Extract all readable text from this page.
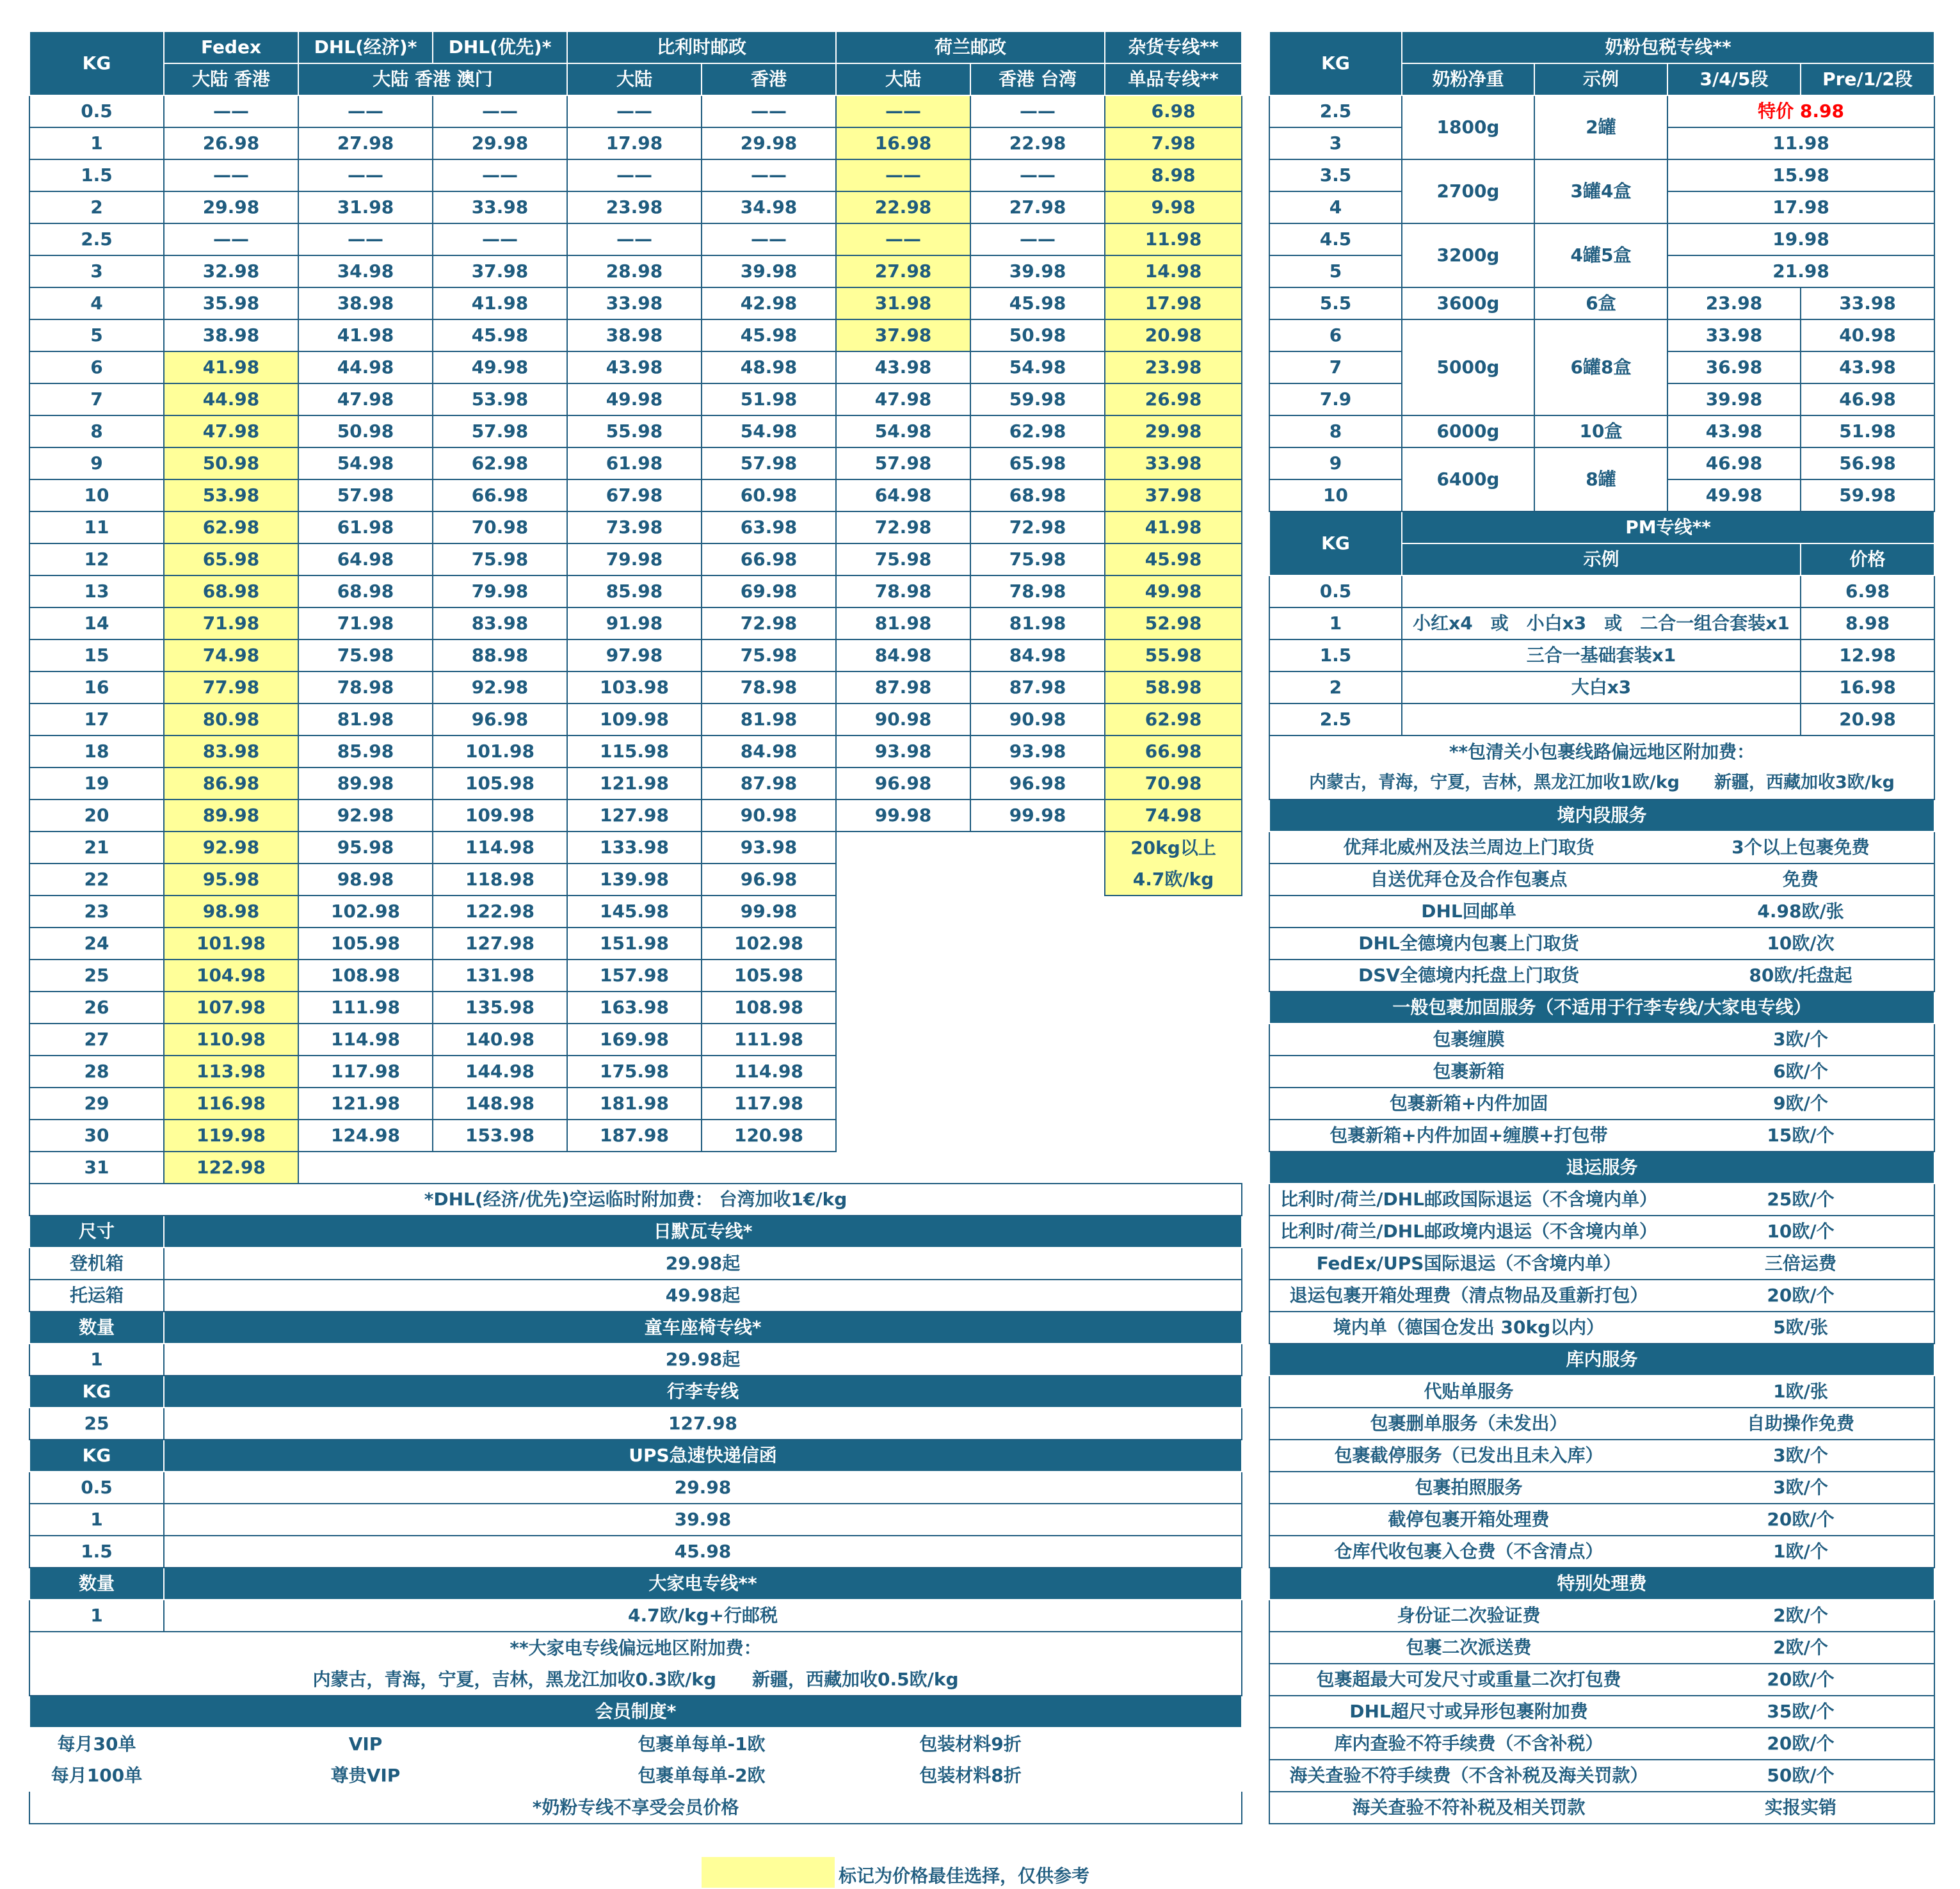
KG	Fedex	DHL(经济)*	DHL(优先)*	比利时邮政		荷兰邮政		杂货专线**
	大陆 香港	大陆 香港 澳门		大陆	香港	大陆	香港 台湾	单品专线**
0.5	——	——	——	——	——	——	——	6.98
1	26.98	27.98	29.98	17.98	29.98	16.98	22.98	7.98
1.5	——	——	——	——	——	——	——	8.98
2	29.98	31.98	33.98	23.98	34.98	22.98	27.98	9.98
2.5	——	——	——	——	——	——	——	11.98
3	32.98	34.98	37.98	28.98	39.98	27.98	39.98	14.98
4	35.98	38.98	41.98	33.98	42.98	31.98	45.98	17.98
5	38.98	41.98	45.98	38.98	45.98	37.98	50.98	20.98
6	41.98	44.98	49.98	43.98	48.98	43.98	54.98	23.98
7	44.98	47.98	53.98	49.98	51.98	47.98	59.98	26.98
8	47.98	50.98	57.98	55.98	54.98	54.98	62.98	29.98
9	50.98	54.98	62.98	61.98	57.98	57.98	65.98	33.98
10	53.98	57.98	66.98	67.98	60.98	64.98	68.98	37.98
11	62.98	61.98	70.98	73.98	63.98	72.98	72.98	41.98
12	65.98	64.98	75.98	79.98	66.98	75.98	75.98	45.98
13	68.98	68.98	79.98	85.98	69.98	78.98	78.98	49.98
14	71.98	71.98	83.98	91.98	72.98	81.98	81.98	52.98
15	74.98	75.98	88.98	97.98	75.98	84.98	84.98	55.98
16	77.98	78.98	92.98	103.98	78.98	87.98	87.98	58.98
17	80.98	81.98	96.98	109.98	81.98	90.98	90.98	62.98
18	83.98	85.98	101.98	115.98	84.98	93.98	93.98	66.98
19	86.98	89.98	105.98	121.98	87.98	96.98	96.98	70.98
20	89.98	92.98	109.98	127.98	90.98	99.98	99.98	74.98
21	92.98	95.98	114.98	133.98	93.98			20kg以上
22	95.98	98.98	118.98	139.98	96.98			4.7欧/kg
23	98.98	102.98	122.98	145.98	99.98			
24	101.98	105.98	127.98	151.98	102.98			
25	104.98	108.98	131.98	157.98	105.98			
26	107.98	111.98	135.98	163.98	108.98			
27	110.98	114.98	140.98	169.98	111.98			
28	113.98	117.98	144.98	175.98	114.98			
29	116.98	121.98	148.98	181.98	117.98			
30	119.98	124.98	153.98	187.98	120.98			
31	122.98							
*DHL(经济/优先)空运临时附加费： 台湾加收1€/kg								
尺寸	日默瓦专线*							
登机箱	29.98起							
托运箱	49.98起							
数量	童车座椅专线*							
1	29.98起							
KG	行李专线							
25	127.98							
KG	UPS急速快递信函							
0.5	29.98							
1	39.98							
1.5	45.98							
数量	大家电专线**							
1	4.7欧/kg+行邮税							
**大家电专线偏远地区附加费：								
内蒙古，青海，宁夏，吉林，黑龙江加收0.3欧/kg　　新疆，西藏加收0.5欧/kg								
会员制度*								
每月30单	VIP			包裹单每单-1欧		包装材料9折		
每月100单	尊贵VIP			包裹单每单-2欧		包装材料8折		
*奶粉专线不享受会员价格								
KG	奶粉包税专线**			
	奶粉净重	示例	3/4/5段	Pre/1/2段
2.5	1800g	2罐	特价 8.98	
3			11.98	
3.5	2700g	3罐4盒	15.98	
4			17.98	
4.5	3200g	4罐5盒	19.98	
5			21.98	
5.5	3600g	6盒	23.98	33.98
6	5000g	6罐8盒	33.98	40.98
7			36.98	43.98
7.9			39.98	46.98
8	6000g	10盒	43.98	51.98
9	6400g	8罐	46.98	56.98
10			49.98	59.98
KG	PM专线**			
	示例			价格
0.5				6.98
1	小红x4　或　小白x3　或　二合一组合套装x1			8.98
1.5	三合一基础套装x1			12.98
2	大白x3			16.98
2.5				20.98
**包清关小包裹线路偏远地区附加费：				
内蒙古，青海，宁夏，吉林，黑龙江加收1欧/kg　　新疆，西藏加收3欧/kg				
境内段服务				
优拜北威州及法兰周边上门取货			3个以上包裹免费	
自送优拜仓及合作包裹点			免费	
DHL回邮单			4.98欧/张	
DHL全德境内包裹上门取货			10欧/次	
DSV全德境内托盘上门取货			80欧/托盘起	
一般包裹加固服务（不适用于行李专线/大家电专线）				
包裹缠膜			3欧/个	
包裹新箱			6欧/个	
包裹新箱+内件加固			9欧/个	
包裹新箱+内件加固+缠膜+打包带			15欧/个	
退运服务				
比利时/荷兰/DHL邮政国际退运（不含境内单）			25欧/个	
比利时/荷兰/DHL邮政境内退运（不含境内单）			10欧/个	
FedEx/UPS国际退运（不含境内单）			三倍运费	
退运包裹开箱处理费（清点物品及重新打包）			20欧/个	
境内单（德国仓发出 30kg以内）			5欧/张	
库内服务				
代贴单服务			1欧/张	
包裹删单服务（未发出）			自助操作免费	
包裹截停服务（已发出且未入库）			3欧/个	
包裹拍照服务			3欧/个	
截停包裹开箱处理费			20欧/个	
仓库代收包裹入仓费（不含清点）			1欧/个	
特别处理费				
身份证二次验证费			2欧/个	
包裹二次派送费			2欧/个	
包裹超最大可发尺寸或重量二次打包费			20欧/个	
DHL超尺寸或异形包裹附加费			35欧/个	
库内查验不符手续费（不含补税）			20欧/个	
海关查验不符手续费（不含补税及海关罚款）			50欧/个	
海关查验不符补税及相关罚款			实报实销	
标记为价格最佳选择，仅供参考
